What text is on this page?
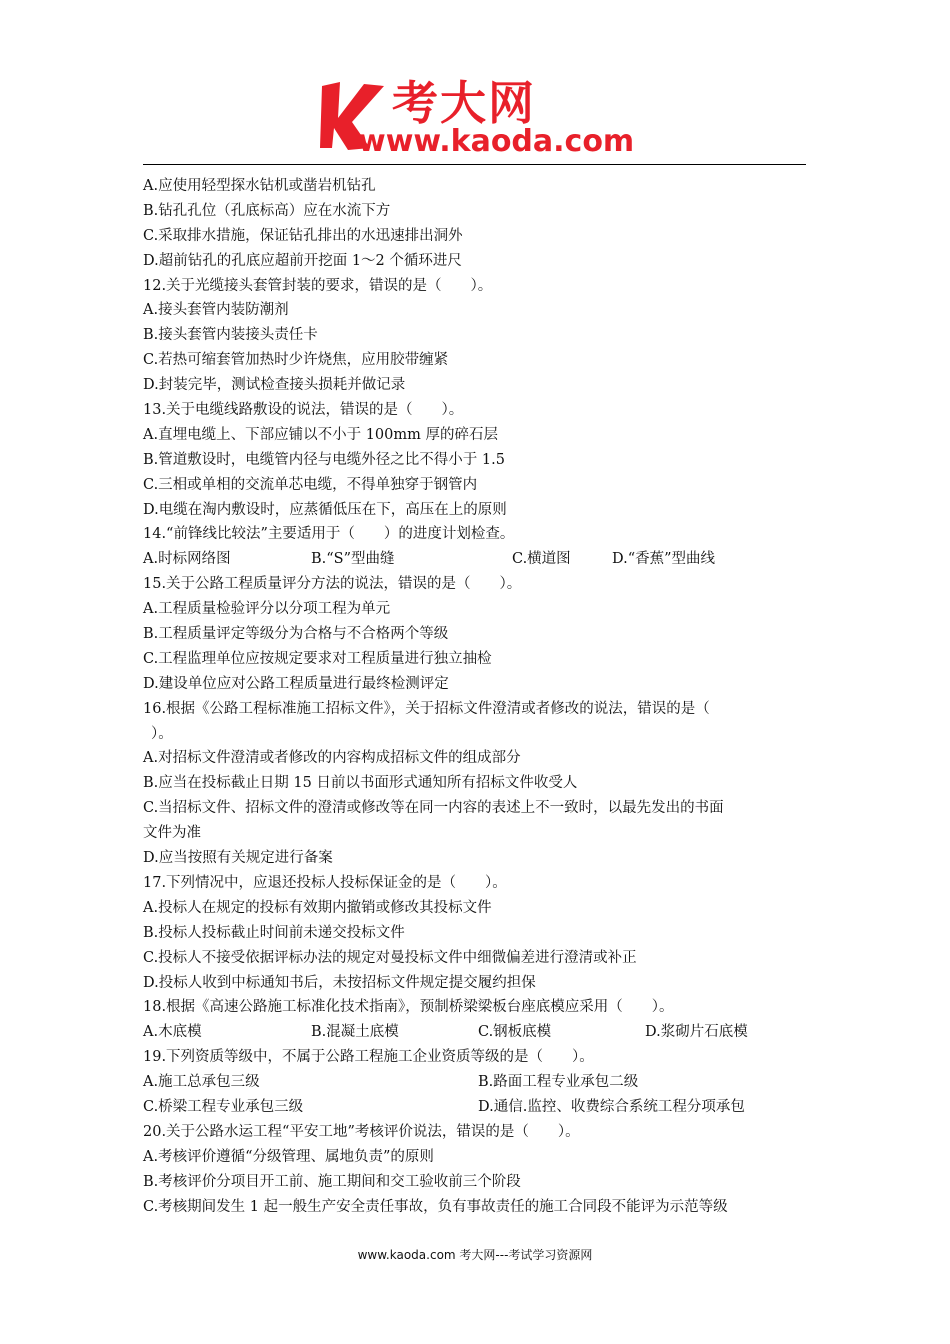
考大网
www.kaoda.com
A.应使用轻型探水钻机或凿岩机钻孔
B.钻孔孔位（孔底标高）应在水流下方
C.采取排水措施，保证钻孔排出的水迅速排出洞外
D.超前钻孔的孔底应超前开挖面 1～2 个循环进尺
12.关于光缆接头套管封装的要求，错误的是（　　）。
A.接头套管内装防潮剂
B.接头套管内装接头责任卡
C.若热可缩套管加热时少许烧焦，应用胶带缠紧
D.封装完毕，测试检查接头损耗并做记录
13.关于电缆线路敷设的说法，错误的是（　　）。
A.直埋电缆上、下部应铺以不小于 100mm 厚的碎石层
B.管道敷设时，电缆管内径与电缆外径之比不得小于 1.5
C.三相或单相的交流单芯电缆，不得单独穿于钢管内
D.电缆在淘内敷设时，应蒸循低压在下，高压在上的原则
14.“前锋线比较法”主要适用于（　　）的进度计划检查。
A.时标网络图	B.“S”型曲缝	C.横道图	D.“香蕉”型曲线
15.关于公路工程质量评分方法的说法，错误的是（　　）。
A.工程质量检验评分以分项工程为单元
B.工程质量评定等级分为合格与不合格两个等级
C.工程监理单位应按规定要求对工程质量进行独立抽检
D.建设单位应对公路工程质量进行最终检测评定
16.根据《公路工程标准施工招标文件》，关于招标文件澄清或者修改的说法，错误的是（
）。
A.对招标文件澄清或者修改的内容构成招标文件的组成部分
B.应当在投标截止日期 15 日前以书面形式通知所有招标文件收受人
C.当招标文件、招标文件的澄清或修改等在同一内容的表述上不一致时，以最先发出的书面
文件为准
D.应当按照有关规定进行备案
17.下列情况中，应退还投标人投标保证金的是（　　）。
A.投标人在规定的投标有效期内撤销或修改其投标文件
B.投标人投标截止时间前未递交投标文件
C.投标人不接受依据评标办法的规定对曼投标文件中细微偏差进行澄清或补正
D.投标人收到中标通知书后，未按招标文件规定提交履约担保
18.根据《高速公路施工标准化技术指南》，预制桥梁梁板台座底模应采用（　　）。
A.木底模	B.混凝土底模	C.钢板底模	D.浆砌片石底模
19.下列资质等级中，不属于公路工程施工企业资质等级的是（　　）。
A.施工总承包三级	B.路面工程专业承包二级
C.桥梁工程专业承包三级	D.通信.监控、收费综合系统工程分项承包
20.关于公路水运工程“平安工地”考核评价说法，错误的是（　　）。
A.考核评价遵循“分级管理、属地负责”的原则
B.考核评价分项目开工前、施工期间和交工验收前三个阶段
C.考核期间发生 1 起一般生产安全责任事故，负有事故责任的施工合同段不能评为示范等级
www.kaoda.com 考大网---考试学习资源网
